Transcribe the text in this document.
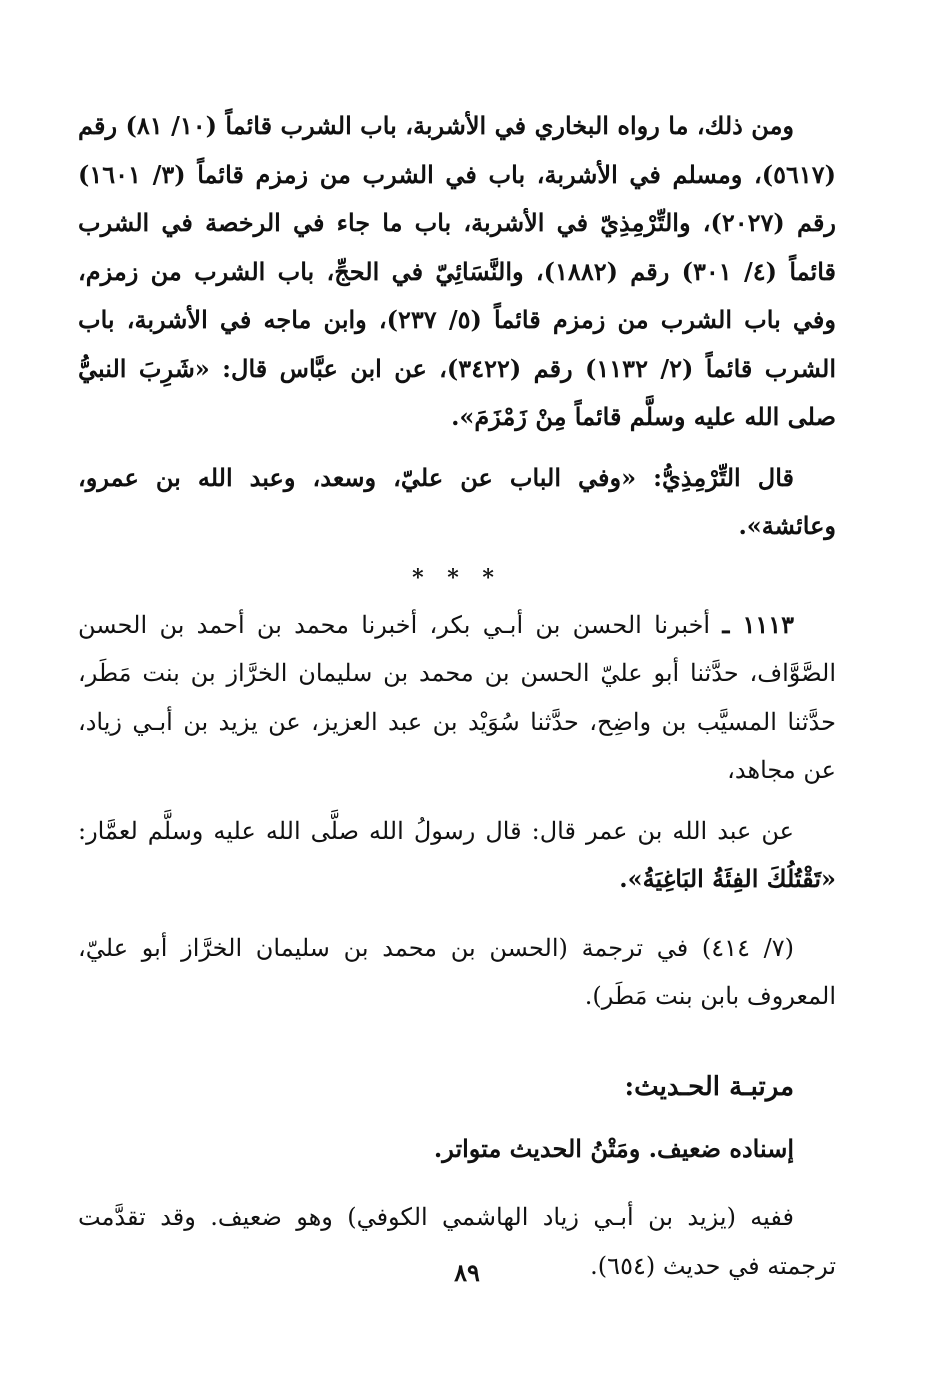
ومن ذلك، ما رواه البخاري في الأشربة، باب الشرب قائماً (١٠/ ٨١) رقم (٥٦١٧)، ومسلم في الأشربة، باب في الشرب من زمزم قائماً (٣/ ١٦٠١) رقم (٢٠٢٧)، والتِّرْمِذِيّ في الأشربة، باب ما جاء في الرخصة في الشرب قائماً (٤/ ٣٠١) رقم (١٨٨٢)، والنَّسَائِيّ في الحجِّ، باب الشرب من زمزم، وفي باب الشرب من زمزم قائماً (٥/ ٢٣٧)، وابن ماجه في الأشربة، باب الشرب قائماً (٢/ ١١٣٢) رقم (٣٤٢٢)، عن ابن عبَّاس قال: «شَرِبَ النبيُّ صلى الله عليه وسلَّم قائماً مِنْ زَمْزَمَ».

قال التِّرْمِذِيُّ: «وفي الباب عن عليّ، وسعد، وعبد الله بن عمرو، وعائشة».

* * *

١١١٣ ـ أخبرنا الحسن بن أبـي بكر، أخبرنا محمد بن أحمد بن الحسن الصَّوَّاف، حدَّثنا أبو عليّ الحسن بن محمد بن سليمان الخرَّاز بن بنت مَطَر، حدَّثنا المسيَّب بن واضِح، حدَّثنا سُوَيْد بن عبد العزيز، عن يزيد بن أبـي زياد، عن مجاهد،

عن عبد الله بن عمر قال: قال رسولُ الله صلَّى الله عليه وسلَّم لعمَّار: «تَقْتُلُكَ الفِئَةُ البَاغِيَةُ».

(٧/ ٤١٤) في ترجمة (الحسن بن محمد بن سليمان الخرَّاز أبو عليّ، المعروف بابن بنت مَطَر).

مرتبـة الحـديث:

إسناده ضعيف. ومَتْنُ الحديث متواتر.

ففيه (يزيد بن أبـي زياد الهاشمي الكوفي) وهو ضعيف. وقد تقدَّمت ترجمته في حديث (٦٥٤).

٨٩
